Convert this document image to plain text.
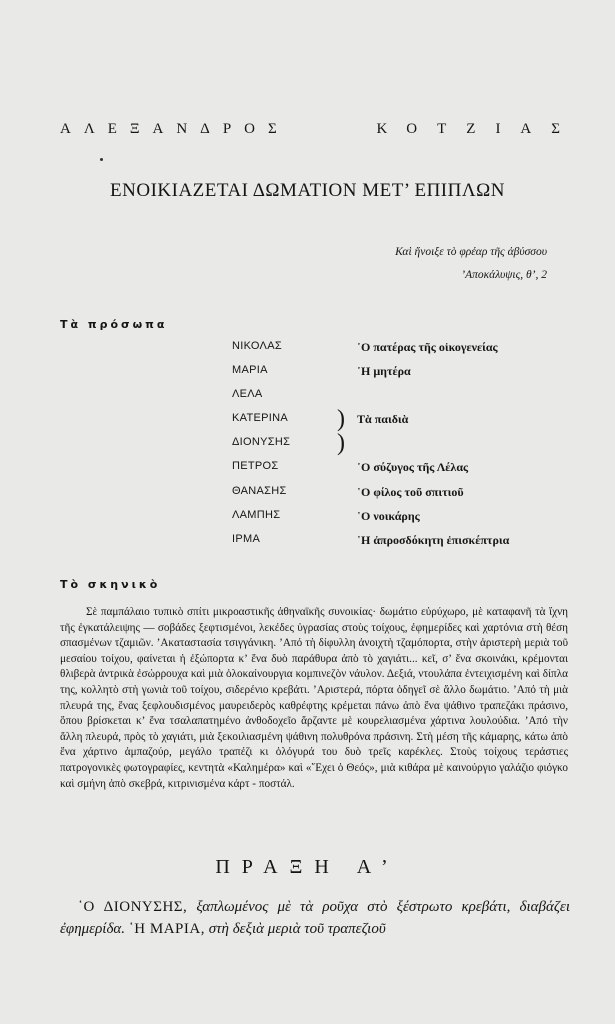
ΑΛΕΞΑΝΔΡΟΣ	ΚΟΤΖΙΑΣ
ΕΝΟΙΚΙΑΖΕΤΑΙ ΔΩΜΑΤΙΟΝ ΜΕΤ’ ΕΠΙΠΛΩΝ
Καὶ ἤνοιξε τὸ φρέαρ τῆς ἀβύσσου
’Αποκάλυψις, θ’, 2
Τὰ πρόσωπα
ΝΙΚΟΛΑΣ	῾Ο πατέρας τῆς οἰκογενείας
ΜΑΡΙΑ	῾Η μητέρα
ΛΕΛΑ
ΚΑΤΕΡΙΝΑ ) Τὰ παιδιὰ
ΔΙΟΝΥΣΗΣ )
ΠΕΤΡΟΣ	῾Ο σύζυγος τῆς Λέλας
ΘΑΝΑΣΗΣ	῾Ο φίλος τοῦ σπιτιοῦ
ΛΑΜΠΗΣ	῾Ο νοικάρης
ΙΡΜΑ	῾Η ἀπροσδόκητη ἐπισκέπτρια
Τὸ σκηνικὸ

Σὲ παμπάλαιο τυπικὸ σπίτι μικροαστικῆς ἀθηναϊκῆς συνοικίας· δωμάτιο εὐρύχωρο, μὲ καταφανῆ τὰ ἴχνη τῆς ἐγκατάλειψης — σοβάδες ξεφτισμένοι, λεκέδες ὑγρασίας στοὺς τοίχους, ἐφημερίδες καὶ χαρτόνια στὴ θέση σπασμένων τζαμιῶν. ’Ακαταστασία τσιγγάνικη. ’Από τὴ δίφυλλη ἀνοιχτὴ τζαμόπορτα, στὴν ἀριστερὴ μεριὰ τοῦ μεσαίου τοίχου, φαίνεται ἡ ἐξώπορτα κ’ ἕνα δυὸ παράθυρα ἀπὸ τὸ χαγιάτι... κεῖ, σ’ ἕνα σκοινάκι, κρέμονται θλιβερὰ ἀντρικὰ ἐσώρρουχα καὶ μιὰ ὁλοκαίνουργια κομπινεζὸν νάυλον. Δεξιά, ντουλάπα ἐντειχισμένη καὶ δίπλα της, κολλητὸ στὴ γωνιὰ τοῦ τοίχου, σιδερένιο κρεβάτι. ’Αριστερά, πόρτα ὁδηγεῖ σὲ ἄλλο δωμάτιο. ’Από τὴ μιὰ πλευρά της, ἕνας ξεφλουδισμένος μαυρειδερὸς καθρέφτης κρέμεται πάνω ἀπὸ ἕνα ψάθινο τραπεζάκι πράσινο, ὅπου βρίσκεται κ’ ἕνα τσαλαπατημένο ἀνθοδοχεῖο ἄρζαντε μὲ κουρελιασμένα χάρτινα λουλούδια. ’Από τὴν ἄλλη πλευρά, πρὸς τὸ χαγιάτι, μιὰ ξεκοιλιασμένη ψάθινη πολυθρόνα πράσινη. Στὴ μέση τῆς κάμαρης, κάτω ἀπὸ ἕνα χάρτινο ἀμπαζούρ, μεγάλο τραπέζι κι ὁλόγυρά του δυὸ τρεῖς καρέκλες. Στοὺς τοίχους τεράστιες πατρογονικὲς φωτογραφίες, κεντητὰ «Καλημέρα» καὶ «῞Εχει ὁ Θεός», μιὰ κιθάρα μὲ καινούργιο γαλάζιο φιόγκο καὶ σμήνη ἀπὸ σκεβρά, κιτρινισμένα κάρτ - ποστάλ.

ΠΡΑΞΗ Α’

῾Ο ΔΙΟΝΥΣΗΣ, ξαπλωμένος μὲ τὰ ροῦχα στὸ ξέστρωτο κρεβάτι, διαβάζει ἐφημερίδα. ῾Η ΜΑΡΙΑ, στὴ δεξιὰ μεριὰ τοῦ τραπεζιοῦ
